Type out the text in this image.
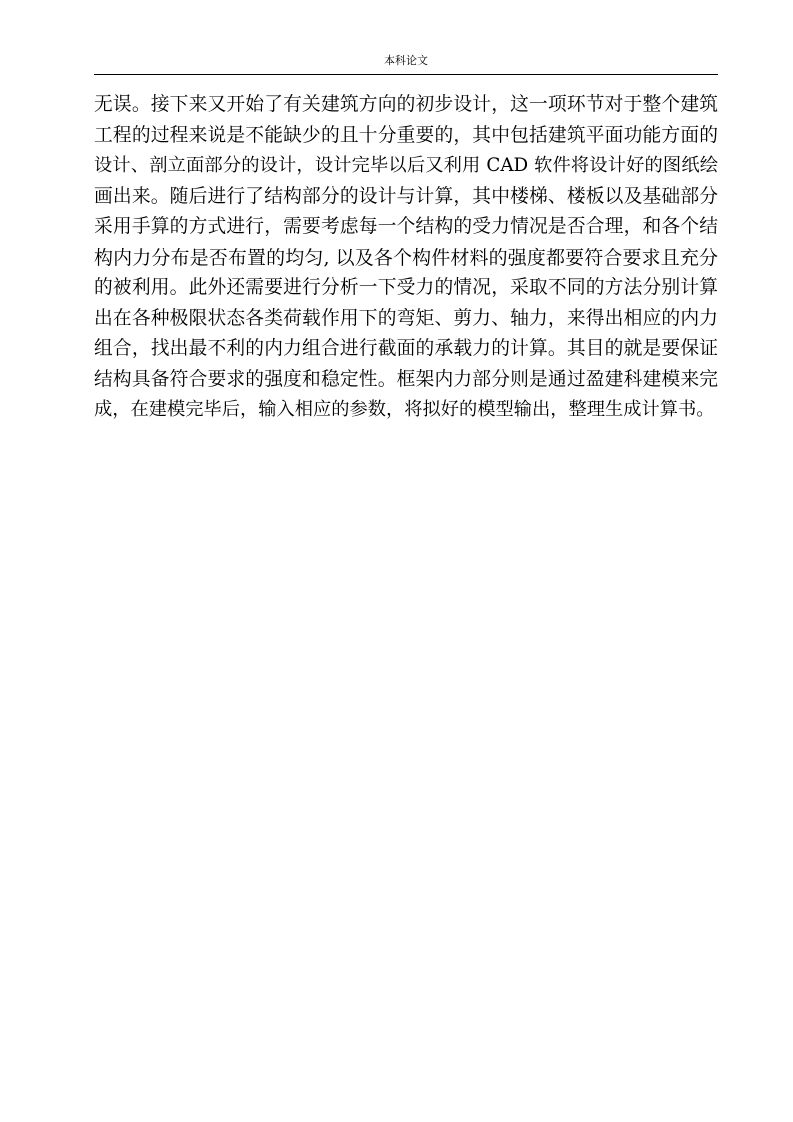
本科论文
无误。接下来又开始了有关建筑方向的初步设计，这一项环节对于整个建筑
工程的过程来说是不能缺少的且十分重要的，其中包括建筑平面功能方面的
设计、剖立面部分的设计，设计完毕以后又利用 CAD 软件将设计好的图纸绘
画出来。随后进行了结构部分的设计与计算，其中楼梯、楼板以及基础部分
采用手算的方式进行，需要考虑每一个结构的受力情况是否合理，和各个结
构内力分布是否布置的均匀, 以及各个构件材料的强度都要符合要求且充分
的被利用。此外还需要进行分析一下受力的情况，采取不同的方法分别计算
出在各种极限状态各类荷载作用下的弯矩、剪力、轴力，来得出相应的内力
组合，找出最不利的内力组合进行截面的承载力的计算。其目的就是要保证
结构具备符合要求的强度和稳定性。框架内力部分则是通过盈建科建模来完
成，在建模完毕后，输入相应的参数，将拟好的模型输出，整理生成计算书。
